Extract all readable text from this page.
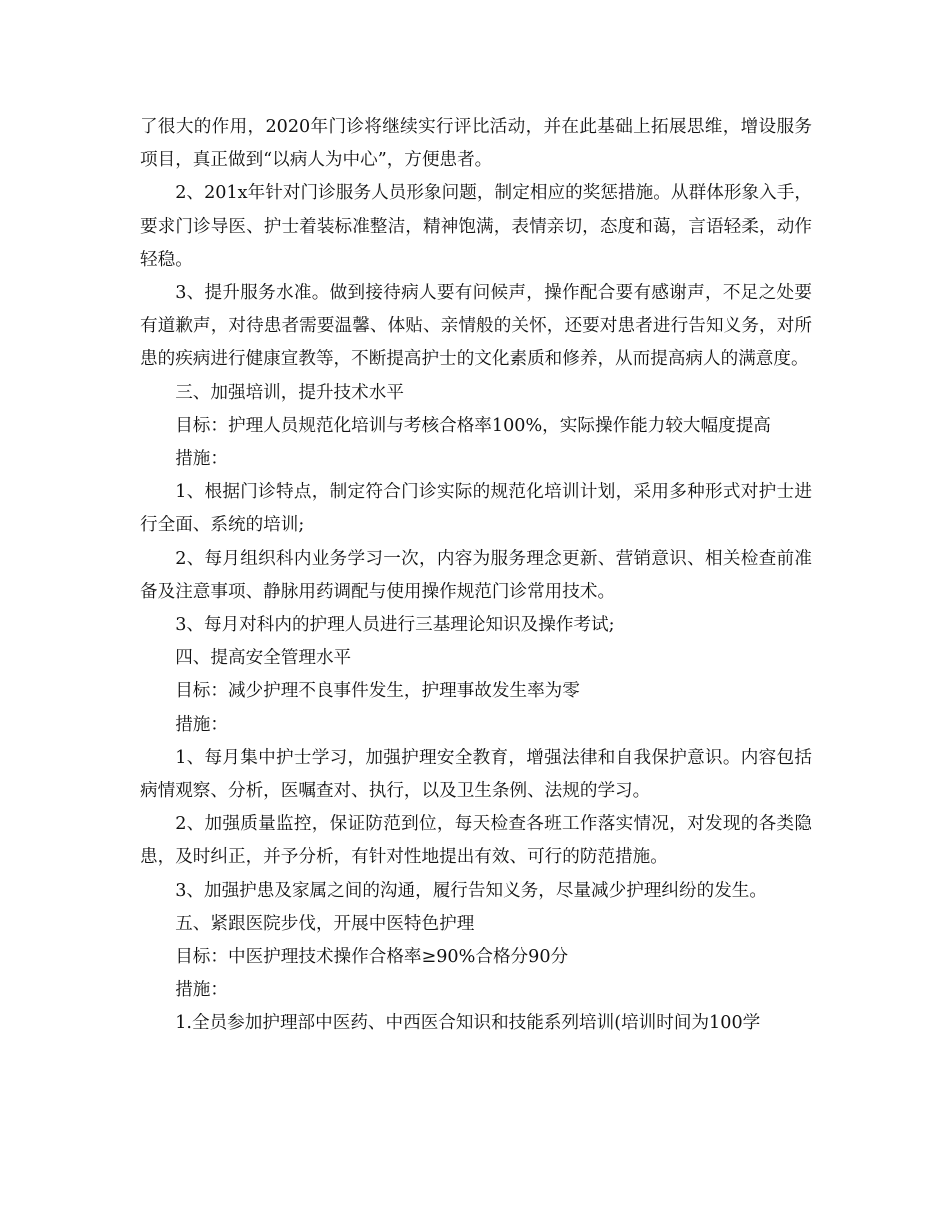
了很大的作用，2020年门诊将继续实行评比活动，并在此基础上拓展思维，增设服务项目，真正做到“以病人为中心”，方便患者。

2、201x年针对门诊服务人员形象问题，制定相应的奖惩措施。从群体形象入手，要求门诊导医、护士着装标准整洁，精神饱满，表情亲切，态度和蔼，言语轻柔，动作轻稳。

3、提升服务水准。做到接待病人要有问候声，操作配合要有感谢声，不足之处要有道歉声，对待患者需要温馨、体贴、亲情般的关怀，还要对患者进行告知义务，对所患的疾病进行健康宣教等，不断提高护士的文化素质和修养，从而提高病人的满意度。

三、加强培训，提升技术水平

目标：护理人员规范化培训与考核合格率100%，实际操作能力较大幅度提高

措施：

1、根据门诊特点，制定符合门诊实际的规范化培训计划，采用多种形式对护士进行全面、系统的培训;

2、每月组织科内业务学习一次，内容为服务理念更新、营销意识、相关检查前准备及注意事项、静脉用药调配与使用操作规范门诊常用技术。

3、每月对科内的护理人员进行三基理论知识及操作考试;

四、提高安全管理水平

目标：减少护理不良事件发生，护理事故发生率为零

措施：

1、每月集中护士学习，加强护理安全教育，增强法律和自我保护意识。内容包括病情观察、分析，医嘱查对、执行，以及卫生条例、法规的学习。

2、加强质量监控，保证防范到位，每天检查各班工作落实情况，对发现的各类隐患，及时纠正，并予分析，有针对性地提出有效、可行的防范措施。

3、加强护患及家属之间的沟通，履行告知义务，尽量减少护理纠纷的发生。

五、紧跟医院步伐，开展中医特色护理

目标：中医护理技术操作合格率≥90%合格分90分

措施：

1.全员参加护理部中医药、中西医合知识和技能系列培训(培训时间为100学
